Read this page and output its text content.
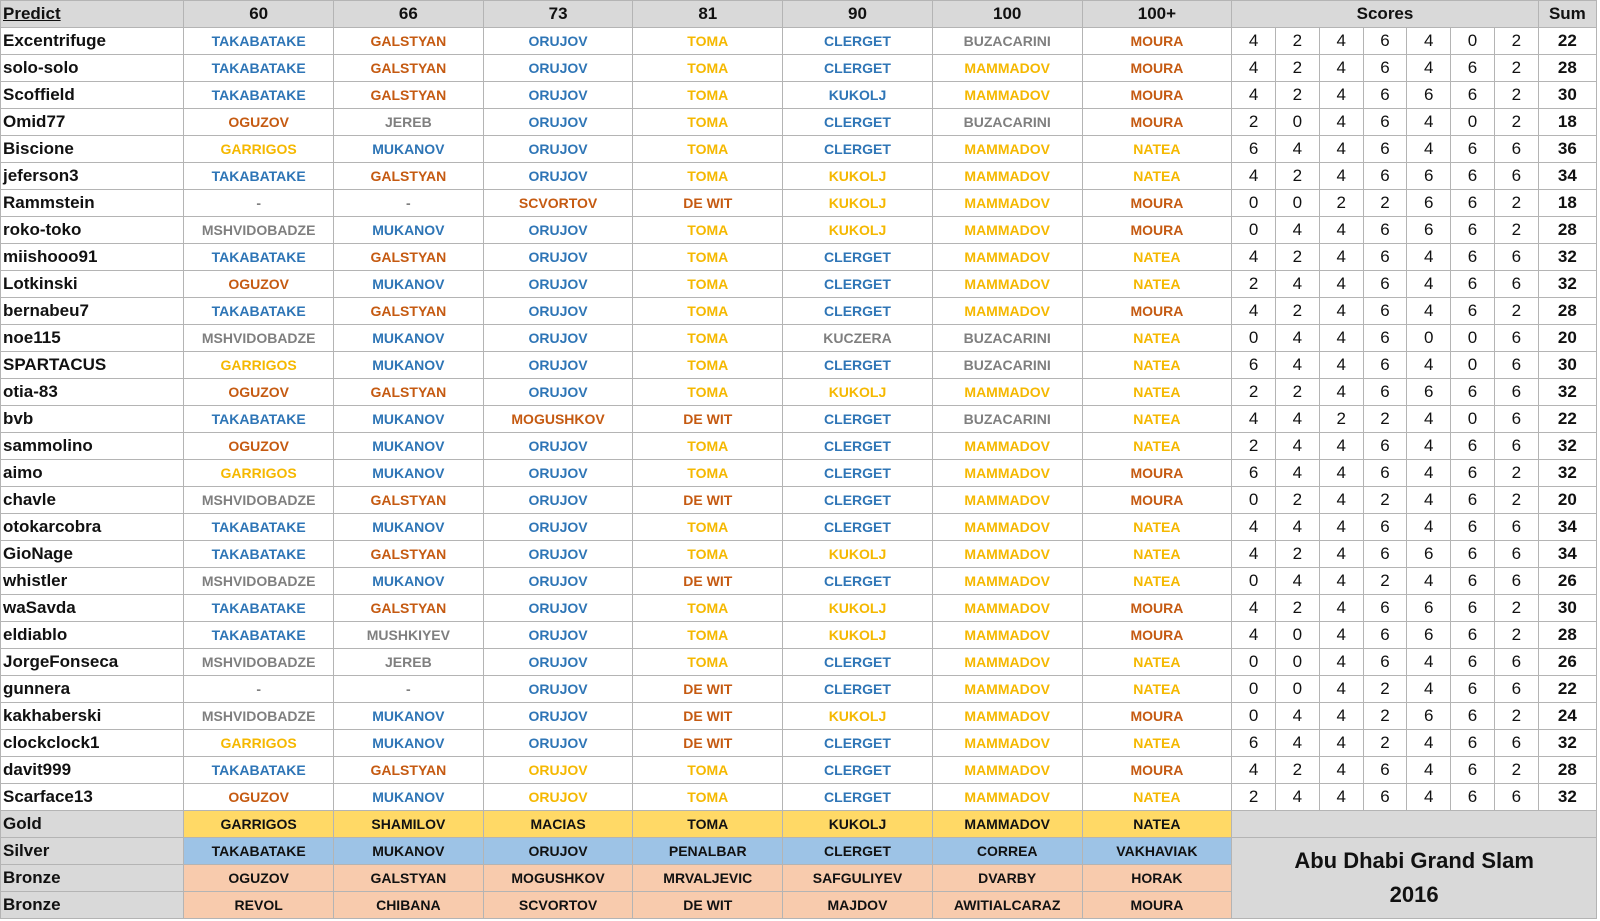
Predict	60	66	73	81	90	100	100+	Scores							Sum
Excentrifuge	TAKABATAKE	GALSTYAN	ORUJOV	TOMA	CLERGET	BUZACARINI	MOURA	4	2	4	6	4	0	2	22
solo-solo	TAKABATAKE	GALSTYAN	ORUJOV	TOMA	CLERGET	MAMMADOV	MOURA	4	2	4	6	4	6	2	28
Scoffield	TAKABATAKE	GALSTYAN	ORUJOV	TOMA	KUKOLJ	MAMMADOV	MOURA	4	2	4	6	6	6	2	30
Omid77	OGUZOV	JEREB	ORUJOV	TOMA	CLERGET	BUZACARINI	MOURA	2	0	4	6	4	0	2	18
Biscione	GARRIGOS	MUKANOV	ORUJOV	TOMA	CLERGET	MAMMADOV	NATEA	6	4	4	6	4	6	6	36
jeferson3	TAKABATAKE	GALSTYAN	ORUJOV	TOMA	KUKOLJ	MAMMADOV	NATEA	4	2	4	6	6	6	6	34
Rammstein	-	-	SCVORTOV	DE WIT	KUKOLJ	MAMMADOV	MOURA	0	0	2	2	6	6	2	18
roko-toko	MSHVIDOBADZE	MUKANOV	ORUJOV	TOMA	KUKOLJ	MAMMADOV	MOURA	0	4	4	6	6	6	2	28
miishooo91	TAKABATAKE	GALSTYAN	ORUJOV	TOMA	CLERGET	MAMMADOV	NATEA	4	2	4	6	4	6	6	32
Lotkinski	OGUZOV	MUKANOV	ORUJOV	TOMA	CLERGET	MAMMADOV	NATEA	2	4	4	6	4	6	6	32
bernabeu7	TAKABATAKE	GALSTYAN	ORUJOV	TOMA	CLERGET	MAMMADOV	MOURA	4	2	4	6	4	6	2	28
noe115	MSHVIDOBADZE	MUKANOV	ORUJOV	TOMA	KUCZERA	BUZACARINI	NATEA	0	4	4	6	0	0	6	20
SPARTACUS	GARRIGOS	MUKANOV	ORUJOV	TOMA	CLERGET	BUZACARINI	NATEA	6	4	4	6	4	0	6	30
otia-83	OGUZOV	GALSTYAN	ORUJOV	TOMA	KUKOLJ	MAMMADOV	NATEA	2	2	4	6	6	6	6	32
bvb	TAKABATAKE	MUKANOV	MOGUSHKOV	DE WIT	CLERGET	BUZACARINI	NATEA	4	4	2	2	4	0	6	22
sammolino	OGUZOV	MUKANOV	ORUJOV	TOMA	CLERGET	MAMMADOV	NATEA	2	4	4	6	4	6	6	32
aimo	GARRIGOS	MUKANOV	ORUJOV	TOMA	CLERGET	MAMMADOV	MOURA	6	4	4	6	4	6	2	32
chavle	MSHVIDOBADZE	GALSTYAN	ORUJOV	DE WIT	CLERGET	MAMMADOV	MOURA	0	2	4	2	4	6	2	20
otokarcobra	TAKABATAKE	MUKANOV	ORUJOV	TOMA	CLERGET	MAMMADOV	NATEA	4	4	4	6	4	6	6	34
GioNage	TAKABATAKE	GALSTYAN	ORUJOV	TOMA	KUKOLJ	MAMMADOV	NATEA	4	2	4	6	6	6	6	34
whistler	MSHVIDOBADZE	MUKANOV	ORUJOV	DE WIT	CLERGET	MAMMADOV	NATEA	0	4	4	2	4	6	6	26
waSavda	TAKABATAKE	GALSTYAN	ORUJOV	TOMA	KUKOLJ	MAMMADOV	MOURA	4	2	4	6	6	6	2	30
eldiablo	TAKABATAKE	MUSHKIYEV	ORUJOV	TOMA	KUKOLJ	MAMMADOV	MOURA	4	0	4	6	6	6	2	28
JorgeFonseca	MSHVIDOBADZE	JEREB	ORUJOV	TOMA	CLERGET	MAMMADOV	NATEA	0	0	4	6	4	6	6	26
gunnera	-	-	ORUJOV	DE WIT	CLERGET	MAMMADOV	NATEA	0	0	4	2	4	6	6	22
kakhaberski	MSHVIDOBADZE	MUKANOV	ORUJOV	DE WIT	KUKOLJ	MAMMADOV	MOURA	0	4	4	2	6	6	2	24
clockclock1	GARRIGOS	MUKANOV	ORUJOV	DE WIT	CLERGET	MAMMADOV	NATEA	6	4	4	2	4	6	6	32
davit999	TAKABATAKE	GALSTYAN	ORUJOV	TOMA	CLERGET	MAMMADOV	MOURA	4	2	4	6	4	6	2	28
Scarface13	OGUZOV	MUKANOV	ORUJOV	TOMA	CLERGET	MAMMADOV	NATEA	2	4	4	6	4	6	6	32
Gold	GARRIGOS	SHAMILOV	MACIAS	TOMA	KUKOLJ	MAMMADOV	NATEA								
Silver	TAKABATAKE	MUKANOV	ORUJOV	PENALBAR	CLERGET	CORREA	VAKHAVIAK	Abu Dhabi Grand Slam
2016							

Bronze	OGUZOV	GALSTYAN	MOGUSHKOV	MRVALJEVIC	SAFGULIYEV	DVARBY	HORAK								
Bronze	REVOL	CHIBANA	SCVORTOV	DE WIT	MAJDOV	AWITIALCARAZ	MOURA								
